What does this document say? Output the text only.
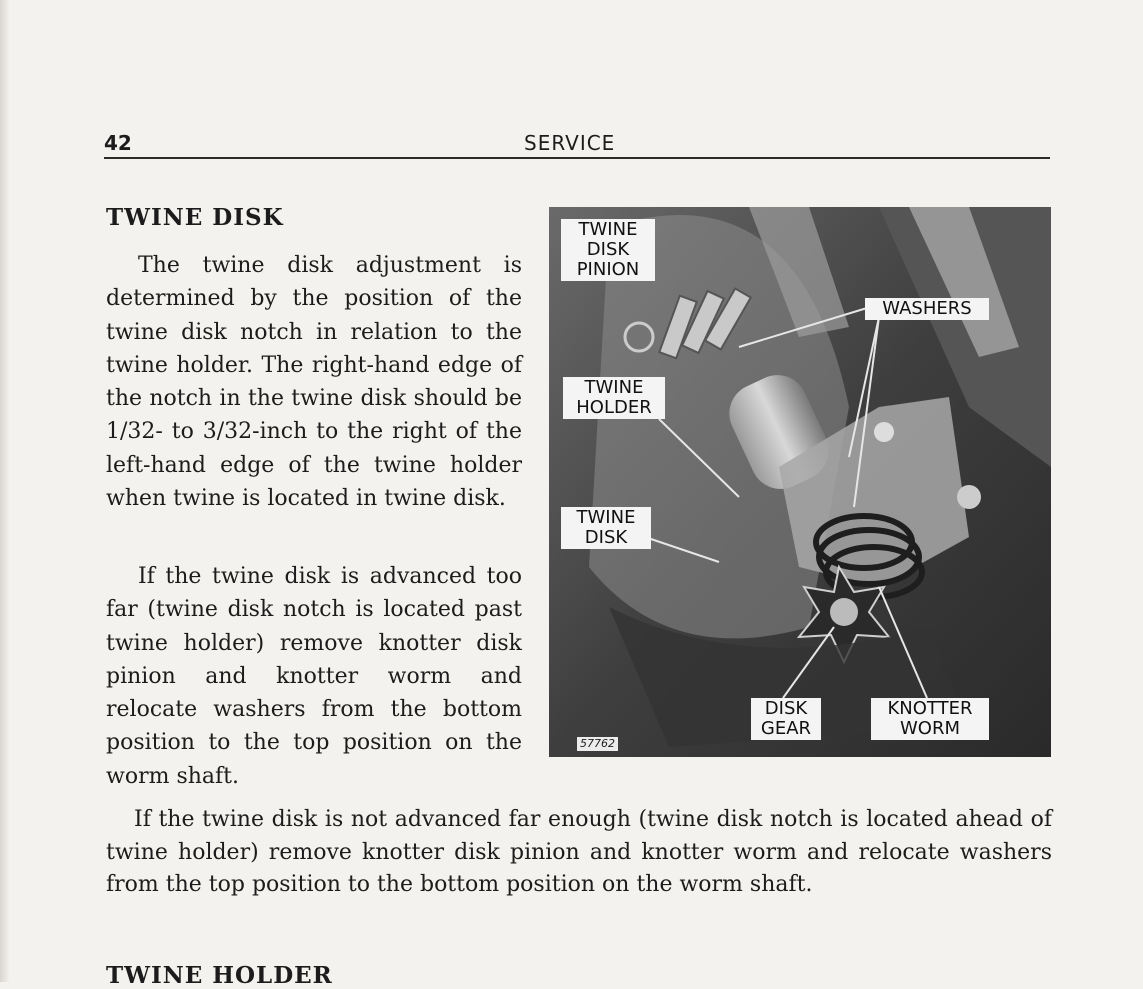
42	SERVICE
TWINE DISK

The twine disk adjustment is determined by the position of the twine disk notch in relation to the twine holder. The right-hand edge of the notch in the twine disk should be 1/32- to 3/32-inch to the right of the left-hand edge of the twine holder when twine is located in twine disk.

If the twine disk is advanced too far (twine disk notch is located past twine holder) remove knotter disk pinion and knotter worm and relocate washers from the bottom position to the top position on the worm shaft.

If the twine disk is not advanced far enough (twine disk notch is located ahead of twine holder) remove knotter disk pinion and knotter worm and relocate washers from the top position to the bottom position on the worm shaft.

TWINE
DISK
PINION
WASHERS
TWINE
HOLDER
TWINE
DISK
DISK
GEAR
KNOTTER
WORM
57762
TWINE HOLDER
